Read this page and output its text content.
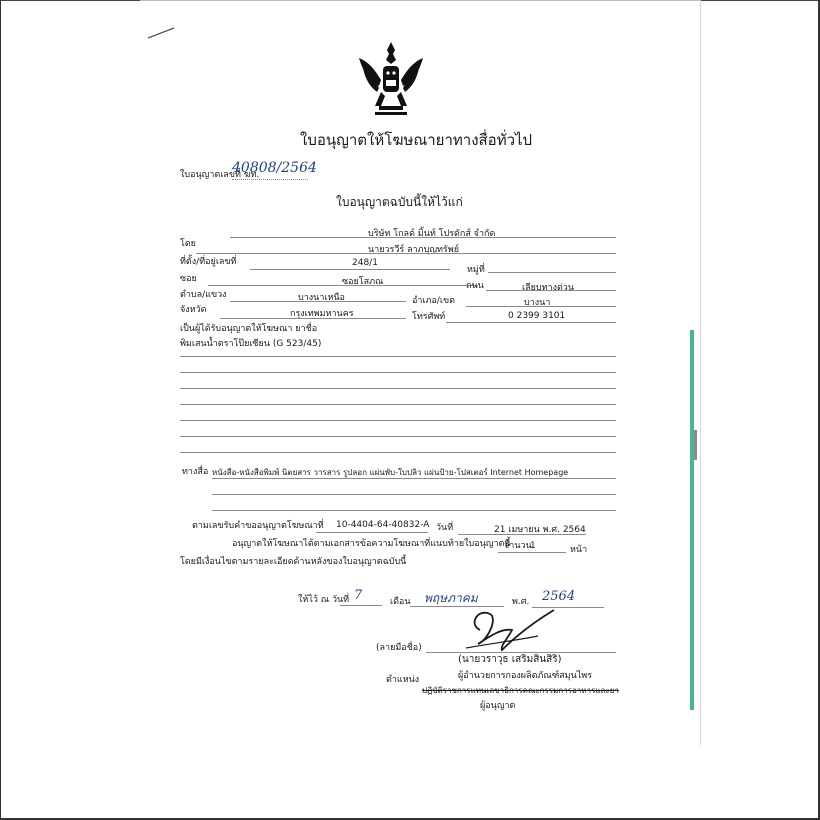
ใบอนุญาตให้โฆษณายาทางสื่อทั่วไป
ใบอนุญาตเลขที่ ฆท.
40808/2564
ใบอนุญาตฉบับนี้ให้ไว้แก่
บริษัท โกลด์ มิ้นท์ โปรดักส์ จำกัด
โดย
นายวรวีร์ ลาภบุญทรัพย์
ที่ตั้ง/ที่อยู่เลขที่	248/1
หมู่ที่
ซอย	ซอยโสภณ	ถนน	เลียบทางด่วน
ตำบล/แขวง	บางนาเหนือ	อำเภอ/เขต	บางนา
จังหวัด	กรุงเทพมหานคร	โทรศัพท์	0 2399 3101
เป็นผู้ได้รับอนุญาตให้โฆษณา ยาชื่อ
พิมเสนน้ำตราโป๊ยเซียน (G 523/45)
ทางสื่อ หนังสือ-หนังสือพิมพ์ นิตยสาร วารสาร รูปลอก แผ่นพับ-ใบปลิว แผ่นป้าย-โปสเตอร์ Internet Homepage
ตามเลขรับคำขออนุญาตโฆษณาที่ 10-4404-64-40832-A วันที่	21 เมษายน พ.ศ. 2564
อนุญาตให้โฆษณาได้ตามเอกสารข้อความโฆษณาที่แนบท้ายใบอนุญาตนี้
จำนวน
1	หน้า
โดยมีเงื่อนไขตามรายละเอียดด้านหลังของใบอนุญาตฉบับนี้
ให้ไว้ ณ วันที่ 7	เดือน พฤษภาคม	พ.ศ. 2564
(ลายมือชื่อ)
(นายวราวุธ เสริมสินสิริ)
ตำแหน่ง	ผู้อำนวยการกองผลิตภัณฑ์สมุนไพร
ปฏิบัติราชการแทนเลขาธิการคณะกรรมการอาหารและยา
ผู้อนุญาต
